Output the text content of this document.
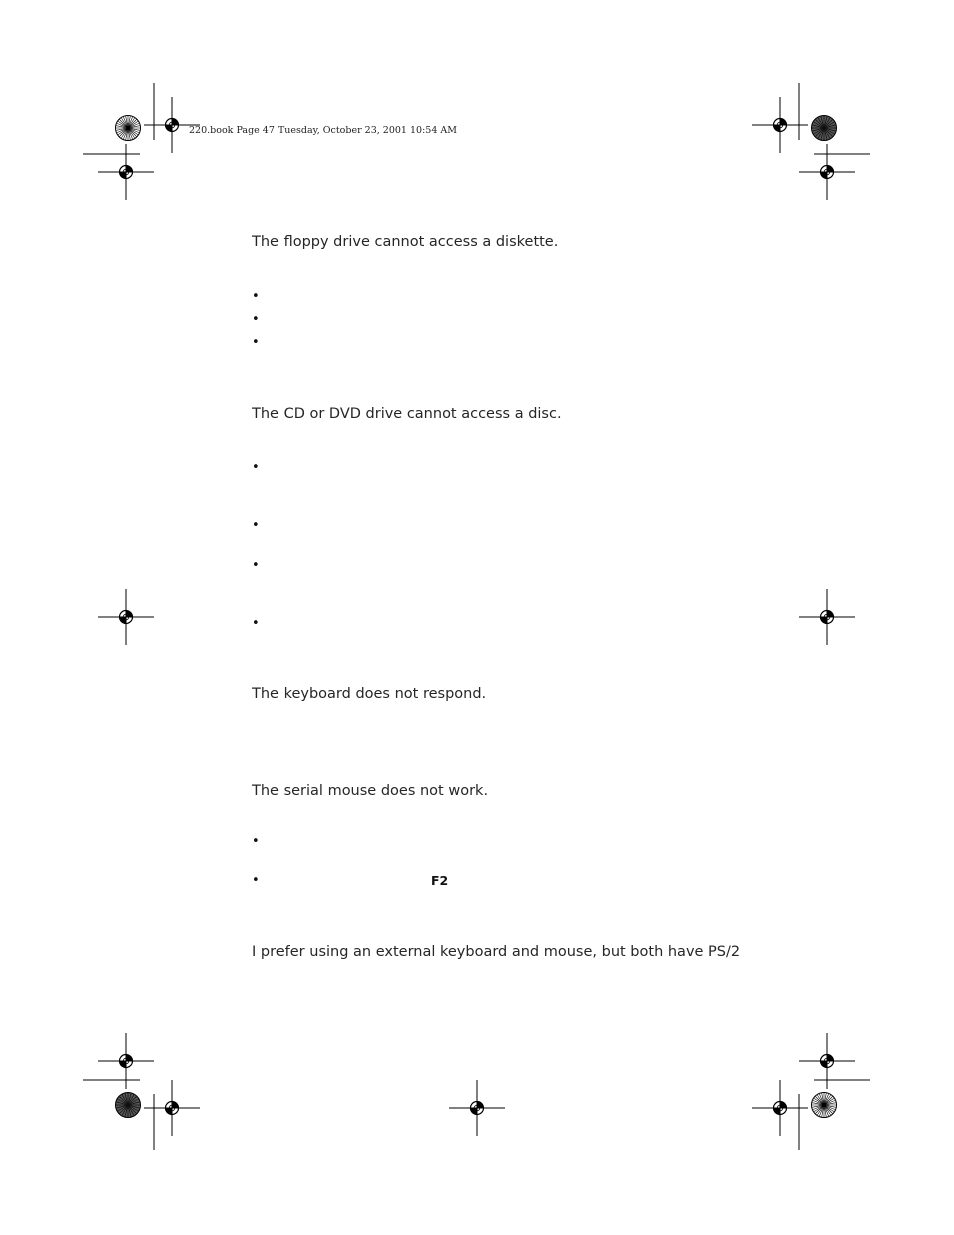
220.book Page 47 Tuesday, October 23, 2001 10:54 AM
The floppy drive cannot access a diskette.
•
•
•
The CD or DVD drive cannot access a disc.
•
•
•
•
The keyboard does not respond.
The serial mouse does not work.
•
•	F2
I prefer using an external keyboard and mouse, but both have PS/2
